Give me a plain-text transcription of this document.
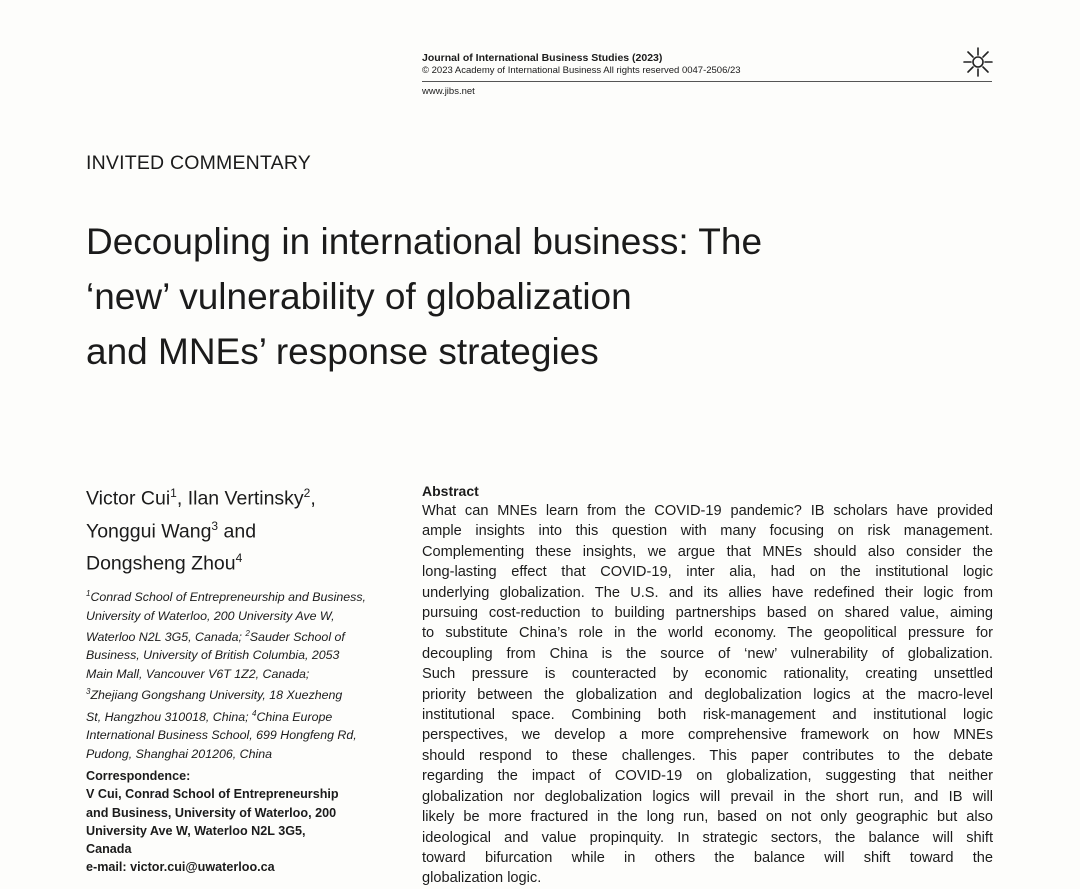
Journal of International Business Studies (2023)
© 2023 Academy of International Business All rights reserved 0047-2506/23
www.jibs.net
INVITED COMMENTARY
Decoupling in international business: The
‘new’ vulnerability of globalization
and MNEs’ response strategies
Victor Cui$^1$, Ilan Vertinsky$^2$,
Yonggui Wang$^3$ and
Dongsheng Zhou$^4$
$^1$Conrad School of Entrepreneurship and Business,
University of Waterloo, 200 University Ave W,
Waterloo N2L 3G5, Canada; $^2$Sauder School of
Business, University of British Columbia, 2053
Main Mall, Vancouver V6T 1Z2, Canada;
$^3$Zhejiang Gongshang University, 18 Xuezheng
St, Hangzhou 310018, China; $^4$China Europe
International Business School, 699 Hongfeng Rd,
Pudong, Shanghai 201206, China
Correspondence:
V Cui, Conrad School of Entrepreneurship
and Business, University of Waterloo, 200
University Ave W, Waterloo N2L 3G5,
Canada
e-mail: victor.cui@uwaterloo.ca
Abstract
What can MNEs learn from the COVID-19 pandemic? IB scholars have provided
ample insights into this question with many focusing on risk management.
Complementing these insights, we argue that MNEs should also consider the
long-lasting effect that COVID-19, inter alia, had on the institutional logic
underlying globalization. The U.S. and its allies have redefined their logic from
pursuing cost-reduction to building partnerships based on shared value, aiming
to substitute China’s role in the world economy. The geopolitical pressure for
decoupling from China is the source of ‘new’ vulnerability of globalization.
Such pressure is counteracted by economic rationality, creating unsettled
priority between the globalization and deglobalization logics at the macro-level
institutional space. Combining both risk-management and institutional logic
perspectives, we develop a more comprehensive framework on how MNEs
should respond to these challenges. This paper contributes to the debate
regarding the impact of COVID-19 on globalization, suggesting that neither
globalization nor deglobalization logics will prevail in the short run, and IB will
likely be more fractured in the long run, based on not only geographic but also
ideological and value propinquity. In strategic sectors, the balance will shift
toward bifurcation while in others the balance will shift toward the
globalization logic.
